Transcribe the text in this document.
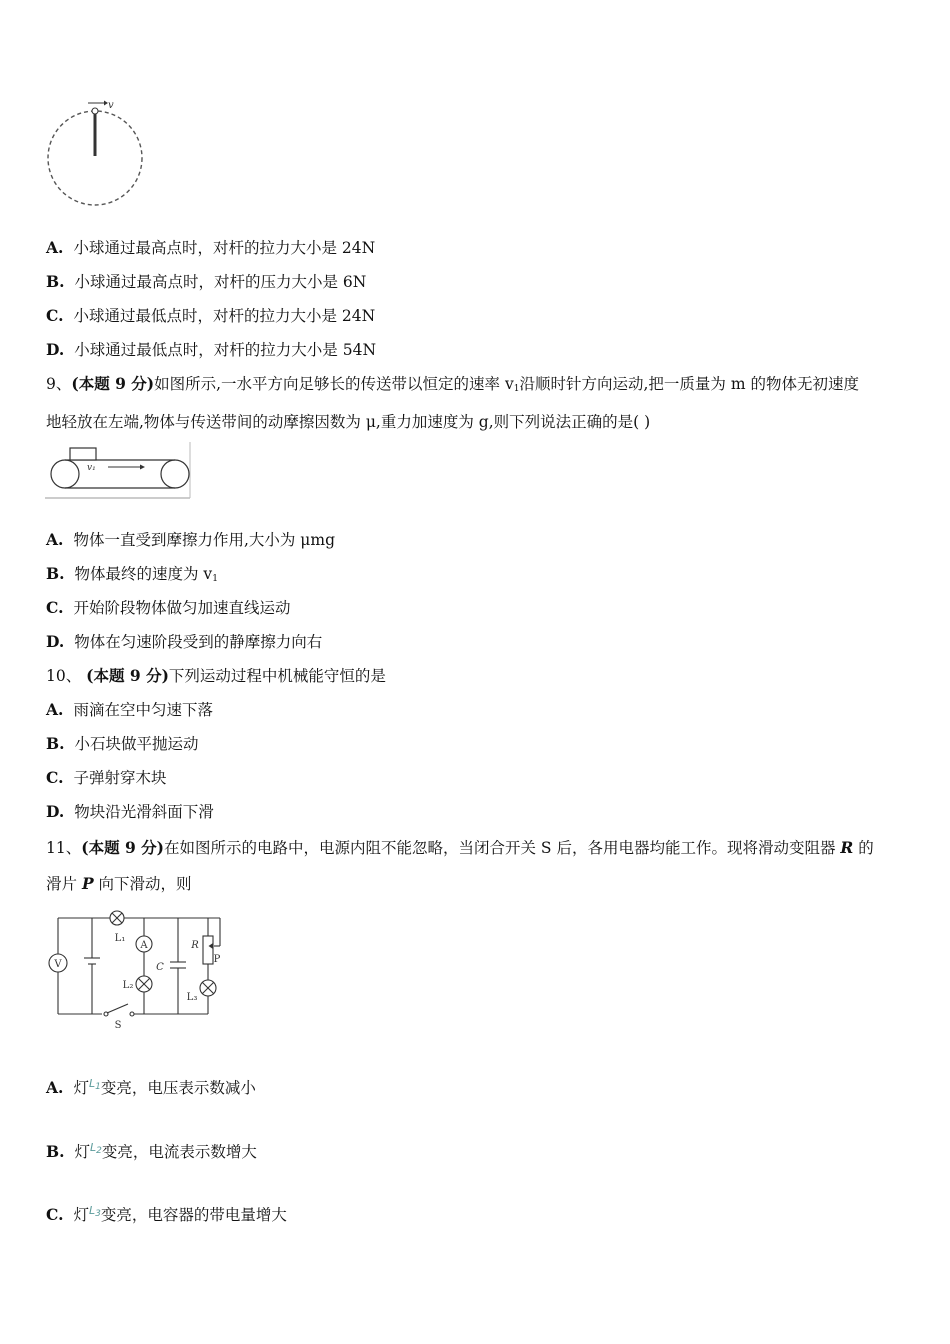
v
A. 小球通过最高点时，对杆的拉力大小是 24N
B. 小球通过最高点时，对杆的压力大小是 6N
C. 小球通过最低点时，对杆的拉力大小是 24N
D. 小球通过最低点时，对杆的拉力大小是 54N
9、(本题 9 分)如图所示,一水平方向足够长的传送带以恒定的速率 $v_1$沿顺时针方向运动,把一质量为 m 的物体无初速度
地轻放在左端,物体与传送带间的动摩擦因数为 μ,重力加速度为 g,则下列说法正确的是( )
v₁
A. 物体一直受到摩擦力作用,大小为 μmg
B. 物体最终的速度为 $v_1$
C. 开始阶段物体做匀加速直线运动
D. 物体在匀速阶段受到的静摩擦力向右
10、 (本题 9 分)下列运动过程中机械能守恒的是
A. 雨滴在空中匀速下落
B. 小石块做平抛运动
C. 子弹射穿木块
D. 物块沿光滑斜面下滑
11、(本题 9 分)在如图所示的电路中，电源内阻不能忽略，当闭合开关 S 后，各用电器均能工作。现将滑动变阻器 R 的
滑片 P 向下滑动，则
V
A
L₁
L₂
L₃
C
R
P
S
A. 灯$^{L_1}$变亮，电压表示数减小
B. 灯$^{L_2}$变亮，电流表示数增大
C. 灯$^{L_3}$变亮，电容器的带电量增大
